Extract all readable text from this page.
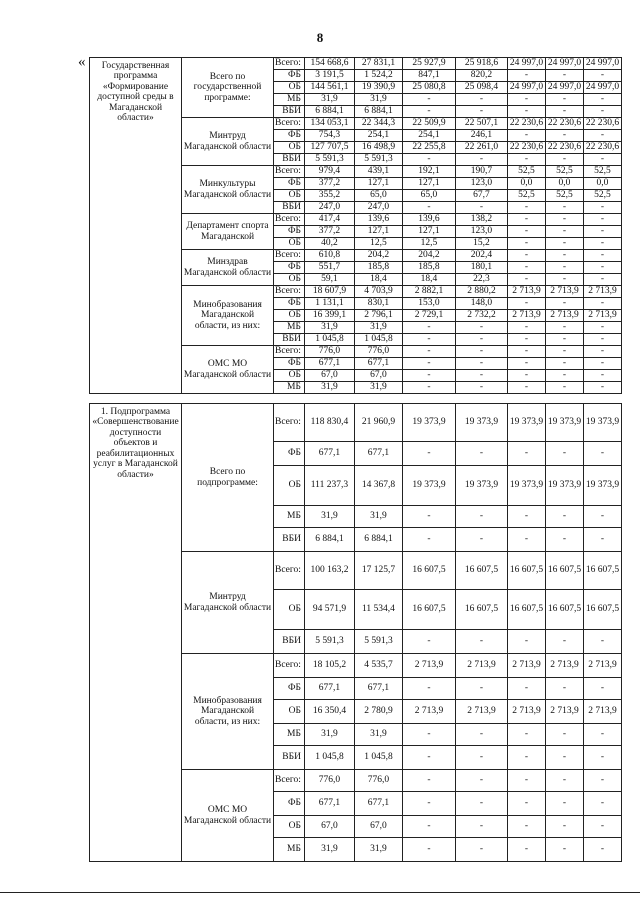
8
« Государственная программа «Формирование доступной среды в Магаданской области»	Всего по государственной программе:	Всего:	154 668,6	27 831,1	25 927,9	25 918,6	24 997,0	24 997,0	24 997,0
		ФБ	3 191,5	1 524,2	847,1	820,2	-	-	-
		ОБ	144 561,1	19 390,9	25 080,8	25 098,4	24 997,0	24 997,0	24 997,0
		МБ	31,9	31,9	-	-	-	-	-
		ВБИ	6 884,1	6 884,1	-	-	-	-	-
	Минтруд Магаданской области	Всего:	134 053,1	22 344,3	22 509,9	22 507,1	22 230,6	22 230,6	22 230,6
		ФБ	754,3	254,1	254,1	246,1	-	-	-
		ОБ	127 707,5	16 498,9	22 255,8	22 261,0	22 230,6	22 230,6	22 230,6
		ВБИ	5 591,3	5 591,3	-	-	-	-	-
	Минкультуры Магаданской области	Всего:	979,4	439,1	192,1	190,7	52,5	52,5	52,5
		ФБ	377,2	127,1	127,1	123,0	0,0	0,0	0,0
		ОБ	355,2	65,0	65,0	67,7	52,5	52,5	52,5
		ВБИ	247,0	247,0	-	-	-	-	-
	Департамент спорта Магаданской	Всего:	417,4	139,6	139,6	138,2	-	-	-
		ФБ	377,2	127,1	127,1	123,0	-	-	-
		ОБ	40,2	12,5	12,5	15,2	-	-	-
	Минздрав Магаданской области	Всего:	610,8	204,2	204,2	202,4	-	-	-
		ФБ	551,7	185,8	185,8	180,1	-	-	-
		ОБ	59,1	18,4	18,4	22,3	-	-	-
	Минобразования Магаданской области, из них:	Всего:	18 607,9	4 703,9	2 882,1	2 880,2	2 713,9	2 713,9	2 713,9
		ФБ	1 131,1	830,1	153,0	148,0	-	-	-
		ОБ	16 399,1	2 796,1	2 729,1	2 732,2	2 713,9	2 713,9	2 713,9
		МБ	31,9	31,9	-	-	-	-	-
		ВБИ	1 045,8	1 045,8	-	-	-	-	-
	ОМС МО Магаданской области	Всего:	776,0	776,0	-	-	-	-	-
		ФБ	677,1	677,1	-	-	-	-	-
		ОБ	67,0	67,0	-	-	-	-	-
		МБ	31,9	31,9	-	-	-	-	-
1. Подпрограмма «Совершенствование доступности объектов и реабилитационных услуг в Магаданской области»	Всего по подпрограмме:	Всего:	118 830,4	21 960,9	19 373,9	19 373,9	19 373,9	19 373,9	19 373,9
		ФБ	677,1	677,1	-	-	-	-	-
		ОБ	111 237,3	14 367,8	19 373,9	19 373,9	19 373,9	19 373,9	19 373,9
		МБ	31,9	31,9	-	-	-	-	-
		ВБИ	6 884,1	6 884,1	-	-	-	-	-
	Минтруд Магаданской области	Всего:	100 163,2	17 125,7	16 607,5	16 607,5	16 607,5	16 607,5	16 607,5
		ОБ	94 571,9	11 534,4	16 607,5	16 607,5	16 607,5	16 607,5	16 607,5
		ВБИ	5 591,3	5 591,3	-	-	-	-	-
	Минобразования Магаданской области, из них:	Всего:	18 105,2	4 535,7	2 713,9	2 713,9	2 713,9	2 713,9	2 713,9
		ФБ	677,1	677,1	-	-	-	-	-
		ОБ	16 350,4	2 780,9	2 713,9	2 713,9	2 713,9	2 713,9	2 713,9
		МБ	31,9	31,9	-	-	-	-	-
		ВБИ	1 045,8	1 045,8	-	-	-	-	-
	ОМС МО Магаданской области	Всего:	776,0	776,0	-	-	-	-	-
		ФБ	677,1	677,1	-	-	-	-	-
		ОБ	67,0	67,0	-	-	-	-	-
		МБ	31,9	31,9	-	-	-	-	-
